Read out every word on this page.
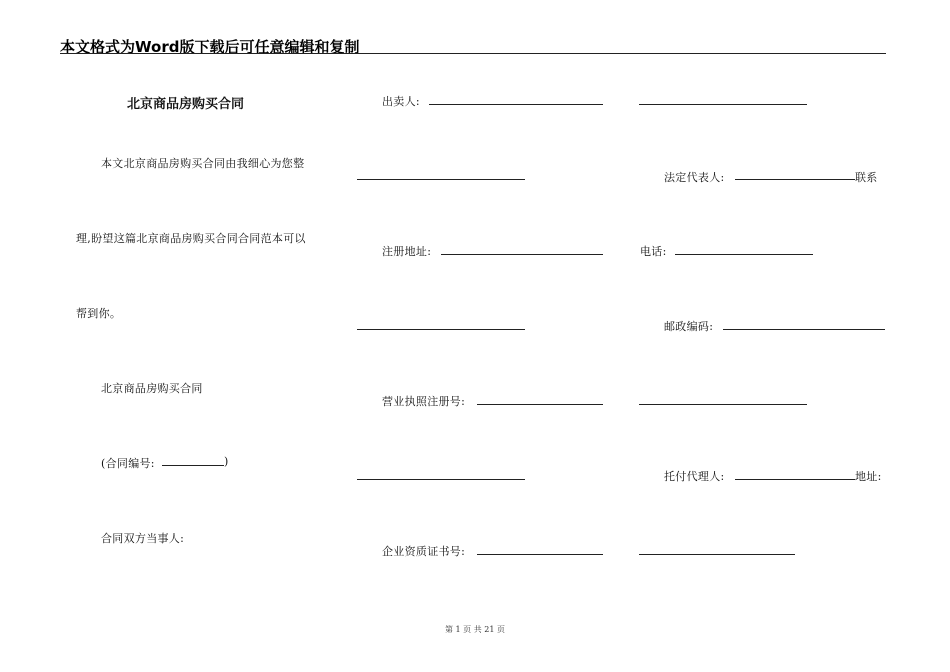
本文格式为Word版下载后可任意编辑和复制
北京商品房购买合同
本文北京商品房购买合同由我细心为您整
理,盼望这篇北京商品房购买合同合同范本可以
帮到你。
北京商品房购买合同
(合同编号:	)
合同双方当事人:
出卖人:
法定代表人:	联系
注册地址:	电话:
邮政编码:
营业执照注册号:
托付代理人:	地址:
企业资质证书号:
第 1 页 共 21 页
